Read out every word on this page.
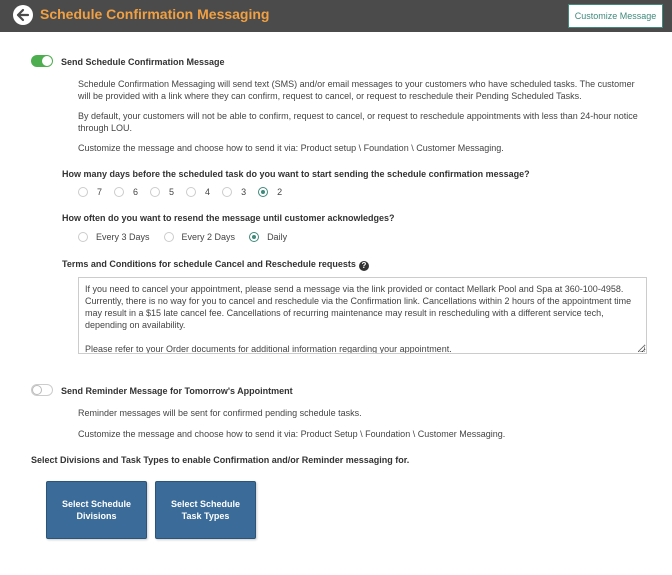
Schedule Confirmation Messaging	Customize Message
Send Schedule Confirmation Message
Schedule Confirmation Messaging will send text (SMS) and/or email messages to your customers who have scheduled tasks. The customer will be provided with a link where they can confirm, request to cancel, or request to reschedule their Pending Scheduled Tasks.
By default, your customers will not be able to confirm, request to cancel, or request to reschedule appointments with less than 24-hour notice through LOU.
Customize the message and choose how to send it via: Product setup \ Foundation \ Customer Messaging.
How many days before the scheduled task do you want to start sending the schedule confirmation message?
7	6	5	4	3	2
How often do you want to resend the message until customer acknowledges?
Every 3 Days	Every 2 Days	Daily
Terms and Conditions for schedule Cancel and Reschedule requests ?

If you need to cancel your appointment, please send a message via the link provided or contact Mellark Pool and Spa at 360-100-4958. Currently, there is no way for you to cancel and reschedule via the Confirmation link. Cancellations within 2 hours of the appointment time may result in a $15 late cancel fee. Cancellations of recurring maintenance may result in rescheduling with a different service tech, depending on availability.

Please refer to your Order documents for additional information regarding your appointment.

Send Reminder Message for Tomorrow's Appointment
Reminder messages will be sent for confirmed pending schedule tasks.
Customize the message and choose how to send it via: Product Setup \ Foundation \ Customer Messaging.
Select Divisions and Task Types to enable Confirmation and/or Reminder messaging for.
Select Schedule Divisions
Select Schedule Task Types
